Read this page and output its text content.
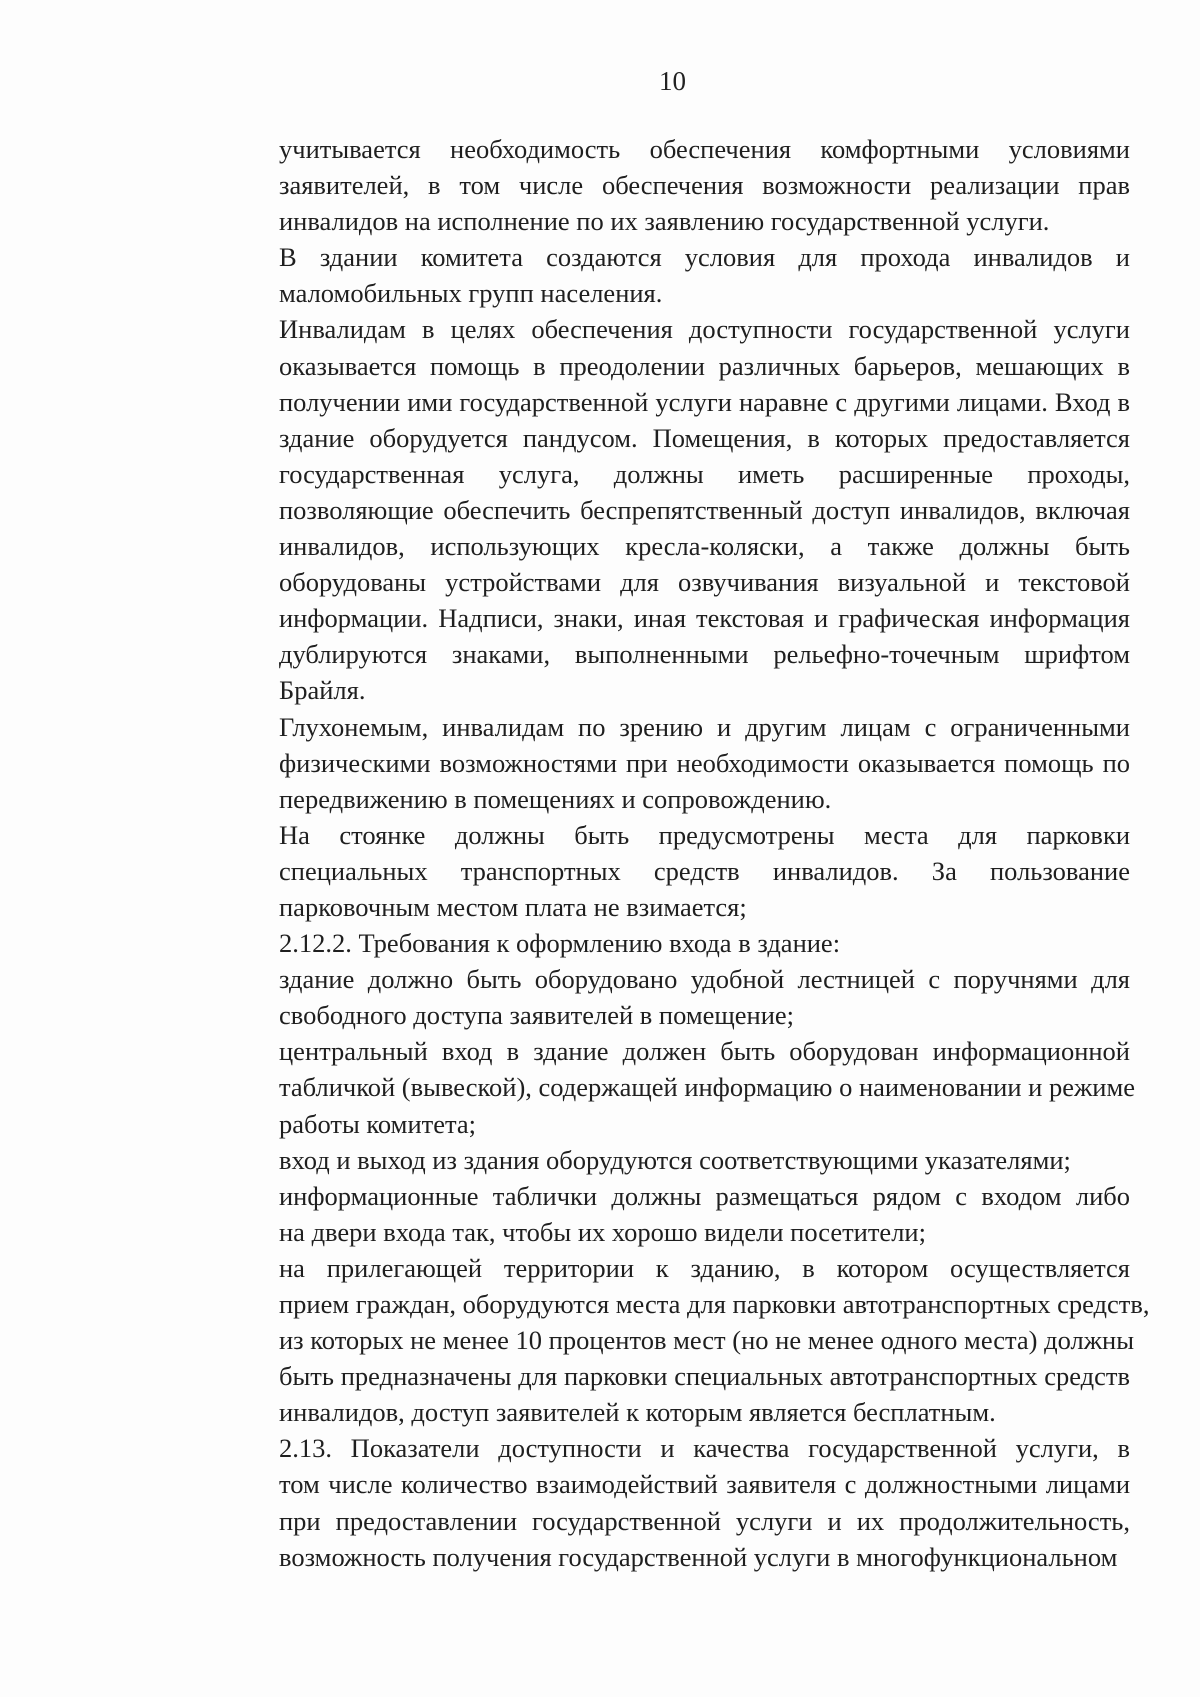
10

учитывается необходимость обеспечения комфортными условиями
заявителей, в том числе обеспечения возможности реализации прав
инвалидов на исполнение по их заявлению государственной услуги.

В здании комитета создаются условия для прохода инвалидов и
маломобильных групп населения.

Инвалидам в целях обеспечения доступности государственной услуги
оказывается помощь в преодолении различных барьеров, мешающих в
получении ими государственной услуги наравне с другими лицами. Вход в
здание оборудуется пандусом. Помещения, в которых предоставляется
государственная услуга, должны иметь расширенные проходы,
позволяющие обеспечить беспрепятственный доступ инвалидов, включая
инвалидов, использующих кресла-коляски, а также должны быть
оборудованы устройствами для озвучивания визуальной и текстовой
информации. Надписи, знаки, иная текстовая и графическая информация
дублируются знаками, выполненными рельефно-точечным шрифтом
Брайля.

Глухонемым, инвалидам по зрению и другим лицам с ограниченными
физическими возможностями при необходимости оказывается помощь по
передвижению в помещениях и сопровождению.

На стоянке должны быть предусмотрены места для парковки
специальных транспортных средств инвалидов. За пользование
парковочным местом плата не взимается;

2.12.2. Требования к оформлению входа в здание:

здание должно быть оборудовано удобной лестницей с поручнями для
свободного доступа заявителей в помещение;

центральный вход в здание должен быть оборудован информационной
табличкой (вывеской), содержащей информацию о наименовании и режиме
работы комитета;

вход и выход из здания оборудуются соответствующими указателями;

информационные таблички должны размещаться рядом с входом либо
на двери входа так, чтобы их хорошо видели посетители;

на прилегающей территории к зданию, в котором осуществляется
прием граждан, оборудуются места для парковки автотранспортных средств,
из которых не менее 10 процентов мест (но не менее одного места) должны
быть предназначены для парковки специальных автотранспортных средств
инвалидов, доступ заявителей к которым является бесплатным.

2.13. Показатели доступности и качества государственной услуги, в
том числе количество взаимодействий заявителя с должностными лицами
при предоставлении государственной услуги и их продолжительность,
возможность получения государственной услуги в многофункциональном
